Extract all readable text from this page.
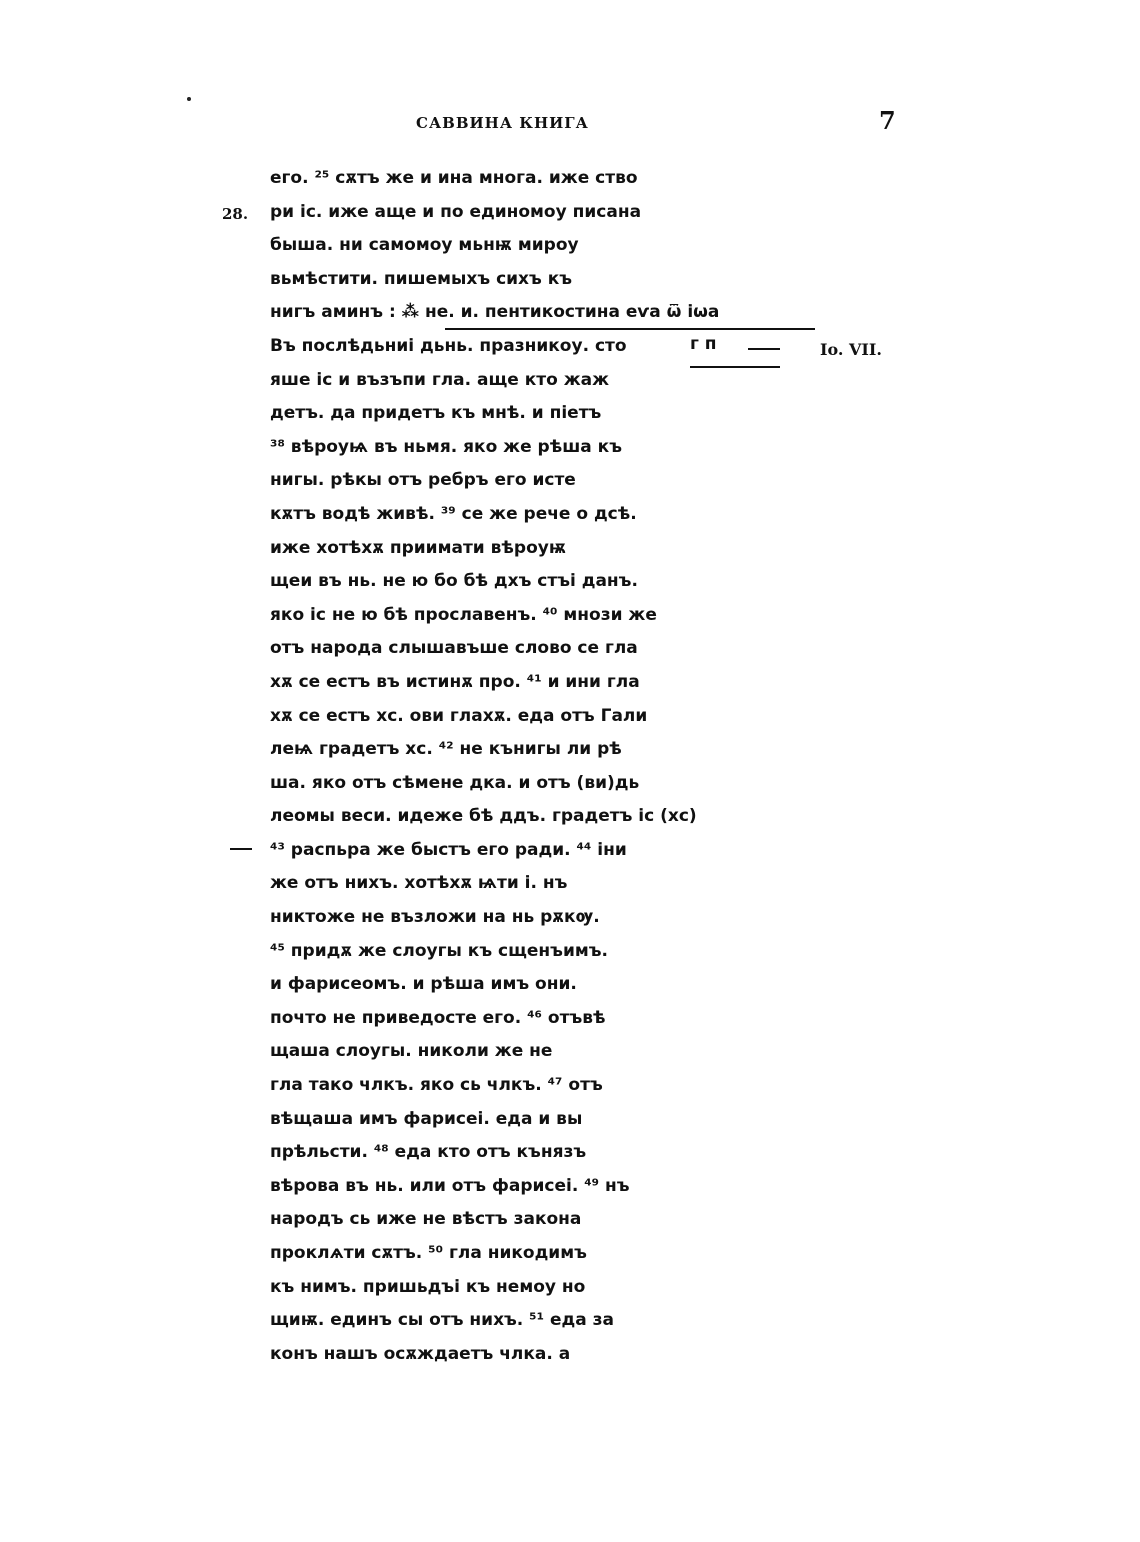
САВВИНА КНИГА	7
28.
Io. VII.
г п
его. ²⁵ сѫтъ же и ина многа. иже ство
ри іс. иже аще и по единомоу писана
быша. ни самомоу мьнѭ мироу
вьмѣстити. пишемыхъ сихъ къ
нигъ аминъ : ⁂ не. и. пентикостина еѵа ѿ іѡа
Въ послѣдьниі дьнь. празникоу. сто
яше іс и възъпи гла. аще кто жаж
детъ. да придетъ къ мнѣ. и піетъ
³⁸ вѣроуѩ въ ньмя. яко же рѣша къ
нигы. рѣкы отъ ребръ его исте
кѫтъ водѣ живѣ. ³⁹ се же рече о дсѣ.
иже хотѣхѫ приимати вѣроуѭ
щеи въ нь. не ю бо бѣ дхъ стъі данъ.
яко іс не ю бѣ прославенъ. ⁴⁰ мнози же
отъ народа слышавъше слово се гла
хѫ се естъ въ истинѫ про. ⁴¹ и ини гла
хѫ се естъ хс. ови глахѫ. еда отъ Гали
леѩ градетъ хс. ⁴² не кънигы ли рѣ
ша. яко отъ сѣмене дка. и отъ (ви)дь
леомы веси. идеже бѣ ддъ. градетъ іс (хс)
⁴³ распьра же быстъ его ради. ⁴⁴ іни
же отъ нихъ. хотѣхѫ ѩти і. нъ
никтоже не възложи на нь рѫкѹ.
⁴⁵ придѫ же слоугы къ сщенъимъ.
и фарисеомъ. и рѣша имъ они.
почто не приведосте его. ⁴⁶ отъвѣ
щаша слоугы. николи же не
гла тако члкъ. яко сь члкъ. ⁴⁷ отъ
вѣщаша имъ фарисеі. еда и вы
прѣльсти. ⁴⁸ еда кто отъ кънязъ
вѣрова въ нь. или отъ фарисеі. ⁴⁹ нъ
народъ сь иже не вѣстъ закона
проклѧти сѫтъ. ⁵⁰ гла никодимъ
къ нимъ. пришьдъі къ немоу но
щиѭ. единъ сы отъ нихъ. ⁵¹ еда за
конъ нашъ осѫждаетъ члка. а
